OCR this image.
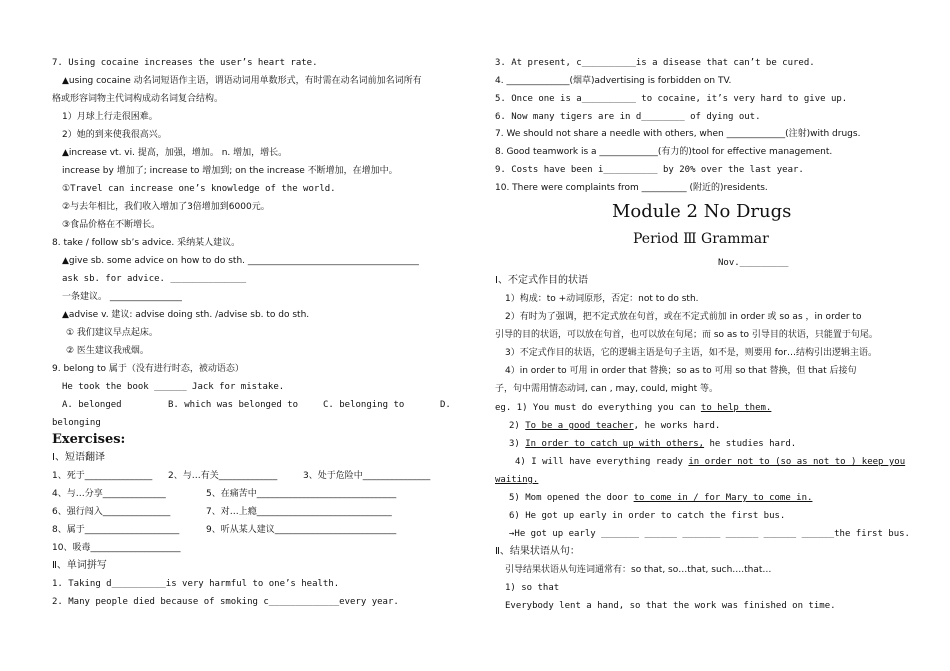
7. Using cocaine increases the user’s heart rate.
▲using cocaine 动名词短语作主语，谓语动词用单数形式，有时需在动名词前加名词所有
格或形容词物主代词构成动名词复合结构。
1）月球上行走很困难。
2）她的到来使我很高兴。
▲increase vt. vi. 提高，加强，增加。 n. 增加，增长。
increase by 增加了; increase to 增加到; on the increase 不断增加，在增加中。
①Travel can increase one’s knowledge of the world.
②与去年相比，我们收入增加了3倍增加到6000元。
③食品价格在不断增长。
8. take / follow sb’s advice. 采纳某人建议。
▲give sb. some advice on how to do sth. ______________________________________
ask sb. for advice. ______________
一条建议。 ________________
▲advise v. 建议: advise doing sth. /advise sb. to do sth.
① 我们建议早点起床。
② 医生建议我戒烟。
9. belong to 属于（没有进行时态，被动语态）
He took the book ______ Jack for mistake.
A. belonged	B. which was belonged to	C. belonging to	D.
belonging
Exercises:
Ⅰ、短语翻译
1、死于_______________ 2、与…有关_____________	3、处于危险中_______________
4、与…分享______________	5、在痛苦中_______________________________
6、强行闯入_______________	7、对…上瘾______________________________
8、属于_____________________	9、听从某人建议___________________________
10、吸毒____________________
Ⅱ、单词拼写
1. Taking d__________is very harmful to one’s health.
2. Many people died because of smoking c_____________every year.
3. At present, c__________is a disease that can’t be cured.
4. ______________(烟草)advertising is forbidden on TV.
5. Once one is a__________ to cocaine, it’s very hard to give up.
6. Now many tigers are in d________ of dying out.
7. We should not share a needle with others, when _____________(注射)with drugs.
8. Good teamwork is a _____________(有力的)tool for effective management.
9. Costs have been i__________ by 20% over the last year.
10. There were complaints from __________ (附近的)residents.
Module 2 No Drugs
Period Ⅲ Grammar
Nov._________
Ⅰ、不定式作目的状语
1）构成：to +动词原形，否定：not to do sth.
2）有时为了强调，把不定式放在句首，或在不定式前加 in order 或 so as ，in order to
引导的目的状语，可以放在句首，也可以放在句尾；而 so as to 引导目的状语，只能置于句尾。
3）不定式作目的状语，它的逻辑主语是句子主语，如不是，则要用 for…结构引出逻辑主语。
4）in order to 可用 in order that 替换；so as to 可用 so that 替换，但 that 后接句
子，句中需用情态动词, can , may, could, might 等。
eg. 1) You must do everything you can to help them.
2) To be a good teacher, he works hard.
3) In order to catch up with others, he studies hard.
4) I will have everything ready in order not to (so as not to ) keep you
waiting.
5) Mom opened the door to come in / for Mary to come in.
6) He got up early in order to catch the first bus.
→He got up early _______ ______ _______ ______ ______ ______the first bus.
Ⅱ、结果状语从句：
引导结果状语从句连词通常有：so that, so…that, such….that…
1) so that
Everybody lent a hand, so that the work was finished on time.
